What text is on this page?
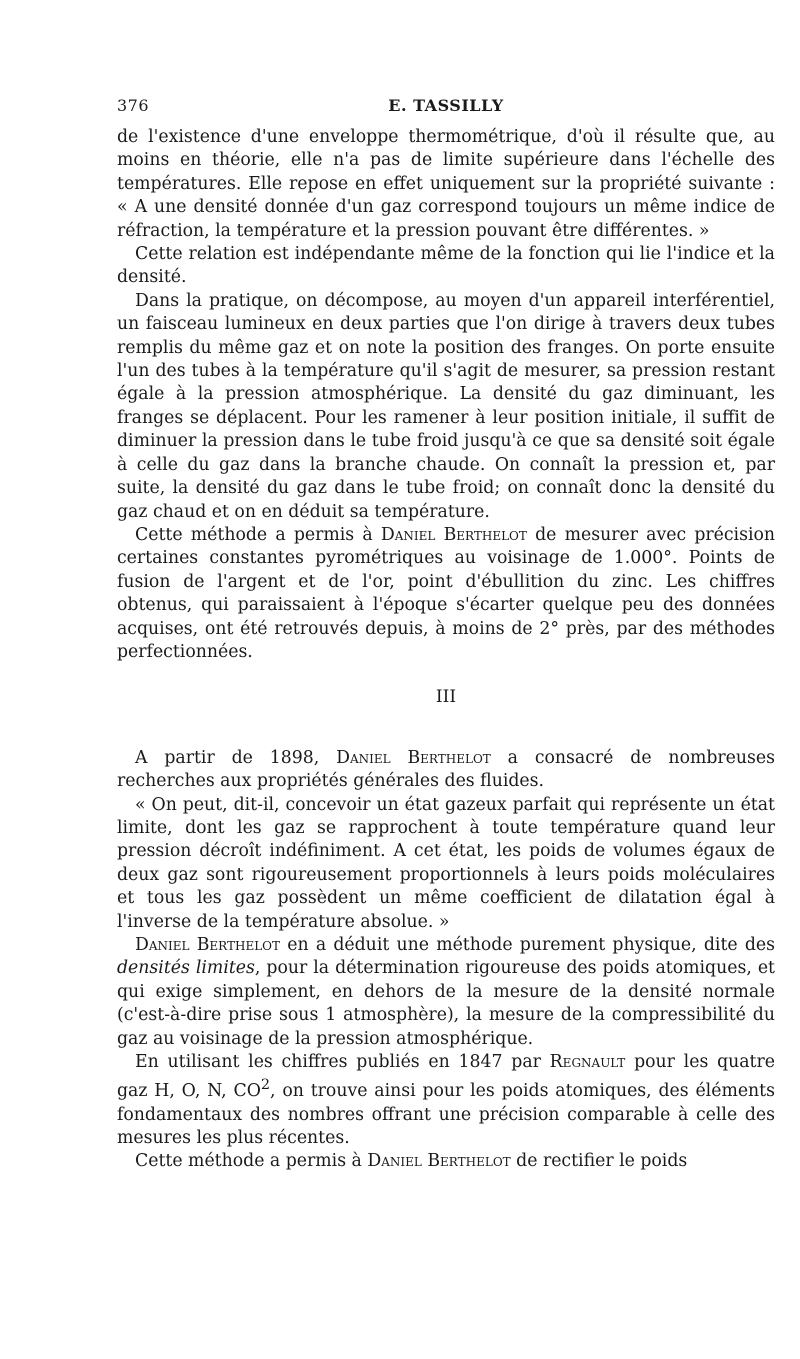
376	E. TASSILLY

de l'existence d'une enveloppe thermométrique, d'où il résulte que, au moins en théorie, elle n'a pas de limite supérieure dans l'échelle des températures. Elle repose en effet uniquement sur la propriété suivante : « A une densité donnée d'un gaz correspond toujours un même indice de réfraction, la température et la pression pouvant être différentes. »

Cette relation est indépendante même de la fonction qui lie l'indice et la densité.

Dans la pratique, on décompose, au moyen d'un appareil interférentiel, un faisceau lumineux en deux parties que l'on dirige à travers deux tubes remplis du même gaz et on note la position des franges. On porte ensuite l'un des tubes à la température qu'il s'agit de mesurer, sa pression restant égale à la pression atmosphérique. La densité du gaz diminuant, les franges se déplacent. Pour les ramener à leur position initiale, il suffit de diminuer la pression dans le tube froid jusqu'à ce que sa densité soit égale à celle du gaz dans la branche chaude. On connaît la pression et, par suite, la densité du gaz dans le tube froid; on connaît donc la densité du gaz chaud et on en déduit sa température.

Cette méthode a permis à Daniel Berthelot de mesurer avec précision certaines constantes pyrométriques au voisinage de 1.000°. Points de fusion de l'argent et de l'or, point d'ébullition du zinc. Les chiffres obtenus, qui paraissaient à l'époque s'écarter quelque peu des données acquises, ont été retrouvés depuis, à moins de 2° près, par des méthodes perfectionnées.

III

A partir de 1898, Daniel Berthelot a consacré de nombreuses recherches aux propriétés générales des fluides.

« On peut, dit-il, concevoir un état gazeux parfait qui représente un état limite, dont les gaz se rapprochent à toute température quand leur pression décroît indéfiniment. A cet état, les poids de volumes égaux de deux gaz sont rigoureusement proportionnels à leurs poids moléculaires et tous les gaz possèdent un même coefficient de dilatation égal à l'inverse de la température absolue. »

Daniel Berthelot en a déduit une méthode purement physique, dite des densités limites, pour la détermination rigoureuse des poids atomiques, et qui exige simplement, en dehors de la mesure de la densité normale (c'est-à-dire prise sous 1 atmosphère), la mesure de la compressibilité du gaz au voisinage de la pression atmosphérique.

En utilisant les chiffres publiés en 1847 par Regnault pour les quatre gaz H, O, N, $CO^2$, on trouve ainsi pour les poids atomiques, des éléments fondamentaux des nombres offrant une précision comparable à celle des mesures les plus récentes.

Cette méthode a permis à Daniel Berthelot de rectifier le poids
